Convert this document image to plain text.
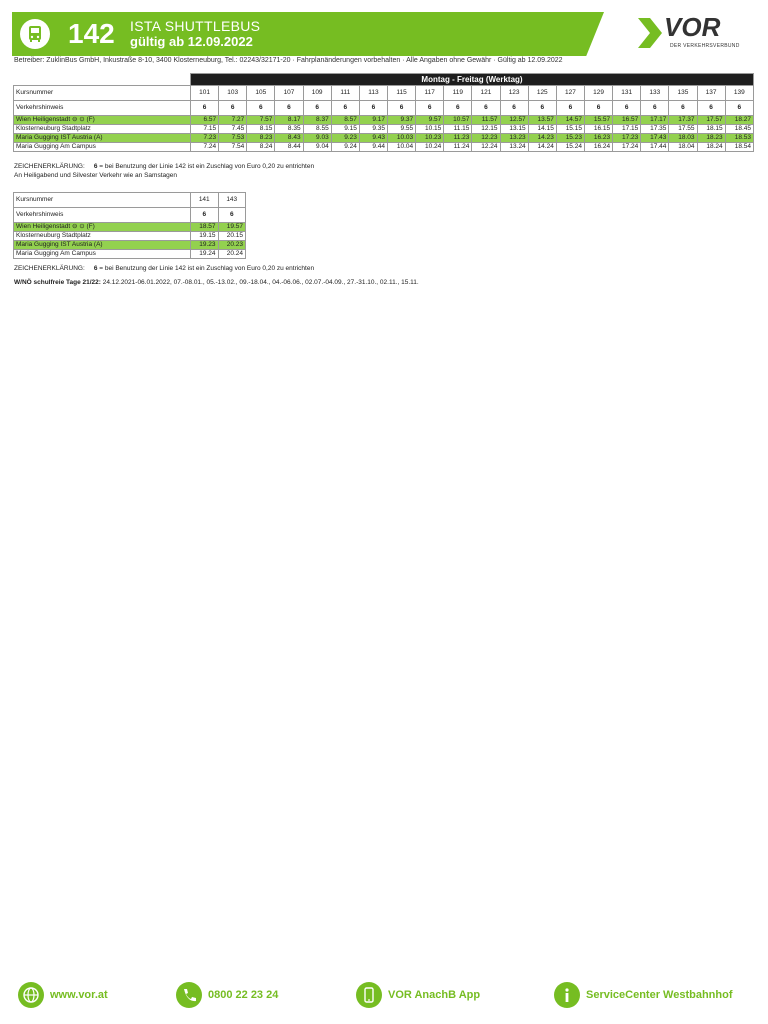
142 ISTA SHUTTLEBUS
gültig ab 12.09.2022	VOR
DER VERKEHRSVERBUND
Betreiber: ZuklinBus GmbH, Inkustraße 8-10, 3400 Klosterneuburg, Tel.: 02243/32171-20 · Fahrplanänderungen vorbehalten · Alle Angaben ohne Gewähr · Gültig ab 12.09.2022
	Montag - Freitag (Werktag)																			
Kursnummer	101	103	105	107	109	111	113	115	117	119	121	123	125	127	129	131	133	135	137	139
Verkehrshinweis	6	6	6	6	6	6	6	6	6	6	6	6	6	6	6	6	6	6	6	6
Wien Heiligenstadt ⊖ ⊙ (F)	6.57	7.27	7.57	8.17	8.37	8.57	9.17	9.37	9.57	10.57	11.57	12.57	13.57	14.57	15.57	16.57	17.17	17.37	17.57	18.27
Klosterneuburg Stadtplatz	7.15	7.45	8.15	8.35	8.55	9.15	9.35	9.55	10.15	11.15	12.15	13.15	14.15	15.15	16.15	17.15	17.35	17.55	18.15	18.45
Maria Gugging IST Austria (A)	7.23	7.53	8.23	8.43	9.03	9.23	9.43	10.03	10.23	11.23	12.23	13.23	14.23	15.23	16.23	17.23	17.43	18.03	18.23	18.53
Maria Gugging Am Campus	7.24	7.54	8.24	8.44	9.04	9.24	9.44	10.04	10.24	11.24	12.24	13.24	14.24	15.24	16.24	17.24	17.44	18.04	18.24	18.54
ZEICHENERKLÄRUNG: 6 = bei Benutzung der Linie 142 ist ein Zuschlag von Euro 0,20 zu entrichten
An Heiligabend und Silvester Verkehr wie an Samstagen
Kursnummer	141	143
Verkehrshinweis	6	6
Wien Heiligenstadt ⊖ ⊙ (F)	18.57	19.57
Klosterneuburg Stadtplatz	19.15	20.15
Maria Gugging IST Austria (A)	19.23	20.23
Maria Gugging Am Campus	19.24	20.24
ZEICHENERKLÄRUNG: 6 = bei Benutzung der Linie 142 ist ein Zuschlag von Euro 0,20 zu entrichten
W/NÖ schulfreie Tage 21/22: 24.12.2021-06.01.2022, 07.-08.01., 05.-13.02., 09.-18.04., 04.-06.06., 02.07.-04.09., 27.-31.10., 02.11., 15.11.
www.vor.at	0800 22 23 24	VOR AnachB App	ServiceCenter Westbahnhof
